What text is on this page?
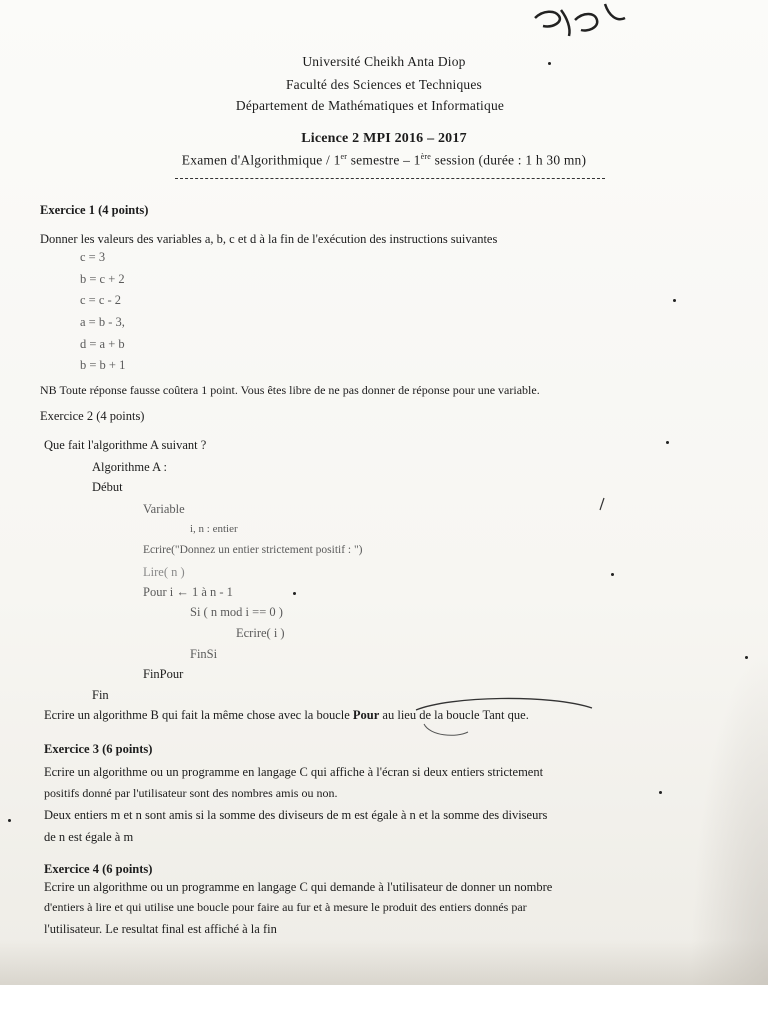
Université Cheikh Anta Diop
Faculté des Sciences et Techniques
Département de Mathématiques et Informatique
Licence 2 MPI 2016 – 2017
Examen d'Algorithmique / 1er semestre – 1ère session (durée : 1 h 30 mn)
Exercice 1 (4 points)
Donner les valeurs des variables a, b, c et d à la fin de l'exécution des instructions suivantes
c = 3
b = c + 2
c = c - 2
a = b - 3,
d = a + b
b = b + 1
NB Toute réponse fausse coûtera 1 point. Vous êtes libre de ne pas donner de réponse pour une variable.
Exercice 2 (4 points)
Que fait l'algorithme A suivant ?
Algorithme A :
Début
Variable
i, n : entier
Ecrire("Donnez un entier strictement positif : ")
Lire( n )
Pour i ← 1 à n - 1
Si ( n mod i == 0 )
Ecrire( i )
FinSi
FinPour
Fin
Ecrire un algorithme B qui fait la même chose avec la boucle Pour au lieu de la boucle Tant que.
Exercice 3 (6 points)
Ecrire un algorithme ou un programme en langage C qui affiche à l'écran si deux entiers strictement
positifs donné par l'utilisateur sont des nombres amis ou non.
Deux entiers m et n sont amis si la somme des diviseurs de m est égale à n et la somme des diviseurs
de n est égale à m
Exercice 4 (6 points)
Ecrire un algorithme ou un programme en langage C qui demande à l'utilisateur de donner un nombre
d'entiers à lire et qui utilise une boucle pour faire au fur et à mesure le produit des entiers donnés par
l'utilisateur. Le resultat final est affiché à la fin
